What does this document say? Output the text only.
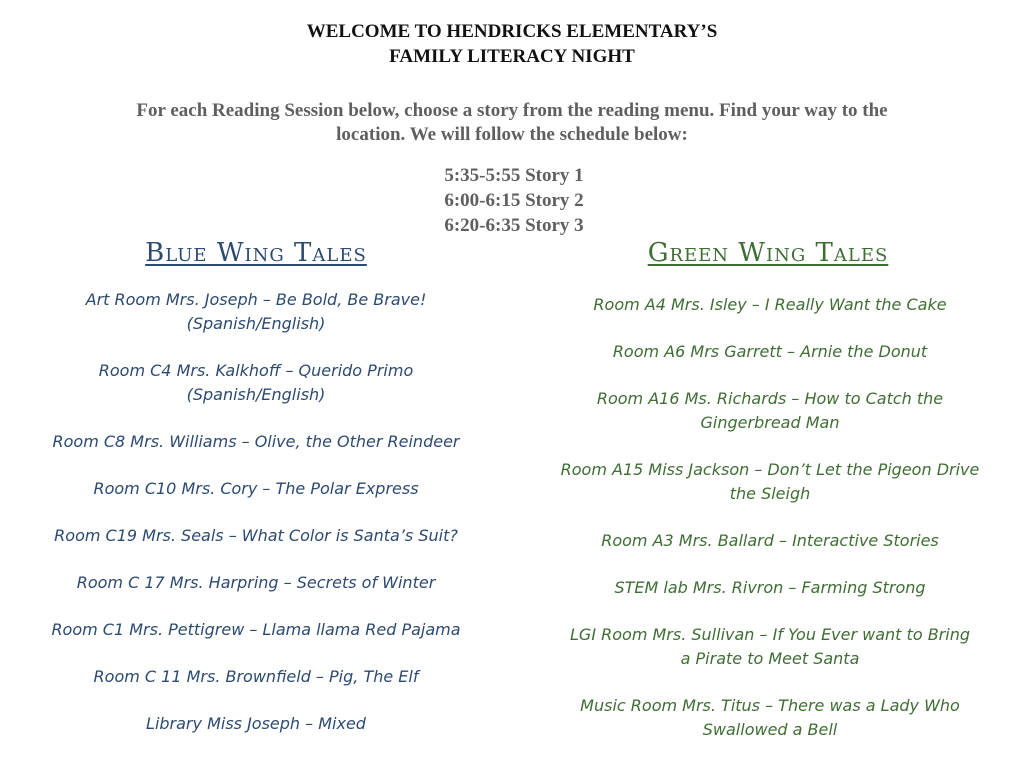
WELCOME TO HENDRICKS ELEMENTARY’S
FAMILY LITERACY NIGHT
For each Reading Session below, choose a story from the reading menu. Find your way to the
location. We will follow the schedule below:
5:35-5:55 Story 1
6:00-6:15 Story 2
6:20-6:35 Story 3
Blue Wing Tales	Green Wing Tales

Art Room Mrs. Joseph – Be Bold, Be Brave!
(Spanish/English)

Room C4 Mrs. Kalkhoff – Querido Primo
(Spanish/English)

Room C8 Mrs. Williams – Olive, the Other Reindeer

Room C10 Mrs. Cory – The Polar Express

Room C19 Mrs. Seals – What Color is Santa’s Suit?

Room C 17 Mrs. Harpring – Secrets of Winter

Room C1 Mrs. Pettigrew – Llama llama Red Pajama

Room C 11 Mrs. Brownfield – Pig, The Elf

Library Miss Joseph – Mixed

Room A4 Mrs. Isley – I Really Want the Cake

Room A6 Mrs Garrett – Arnie the Donut

Room A16 Ms. Richards – How to Catch the
Gingerbread Man

Room A15 Miss Jackson – Don’t Let the Pigeon Drive
the Sleigh

Room A3 Mrs. Ballard – Interactive Stories

STEM lab Mrs. Rivron – Farming Strong

LGI Room Mrs. Sullivan – If You Ever want to Bring
a Pirate to Meet Santa

Music Room Mrs. Titus – There was a Lady Who
Swallowed a Bell
